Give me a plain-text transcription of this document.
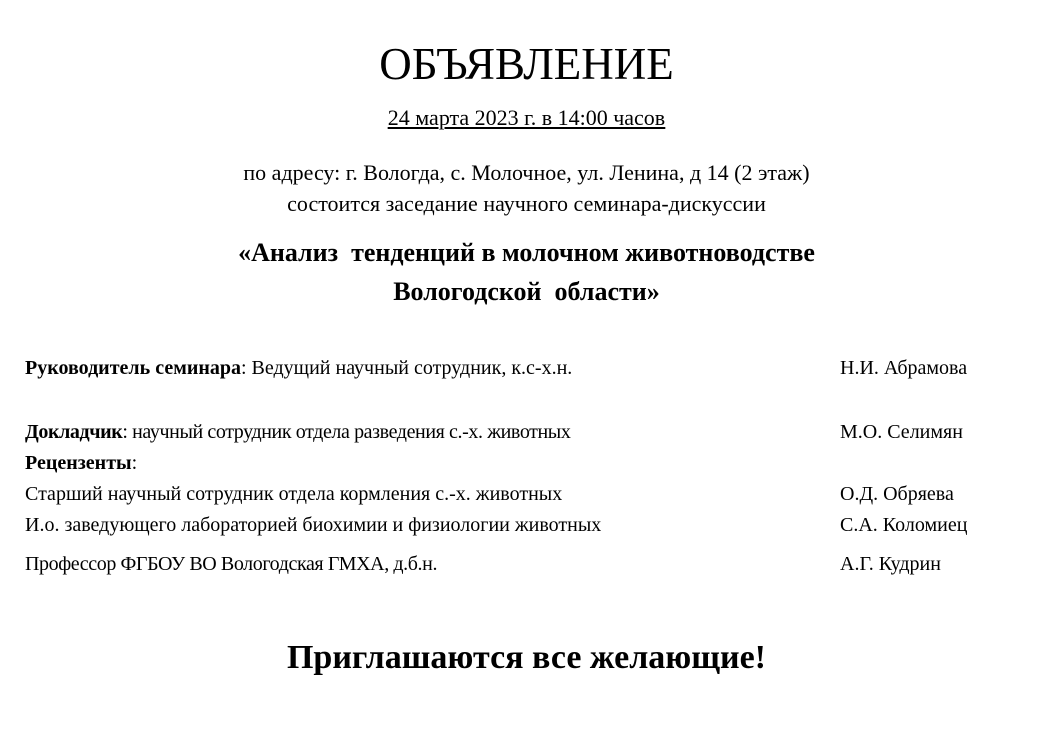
ОБЪЯВЛЕНИЕ
24 марта 2023 г. в 14:00 часов
по адресу: г. Вологда, с. Молочное, ул. Ленина, д 14 (2 этаж)
состоится заседание научного семинара-дискуссии
«Анализ  тенденций в молочном животноводстве
Вологодской  области»
Руководитель семинара: Ведущий научный сотрудник, к.с-х.н.	Н.И. Абрамова
Докладчик: научный сотрудник отдела разведения с.-х. животных	М.О. Селимян
Рецензенты:
Старший научный сотрудник отдела кормления с.-х. животных	О.Д. Обряева
И.о. заведующего лабораторией биохимии и физиологии животных	С.А. Коломиец
Профессор ФГБОУ ВО Вологодская ГМХА, д.б.н.	А.Г. Кудрин
Приглашаются все желающие!
